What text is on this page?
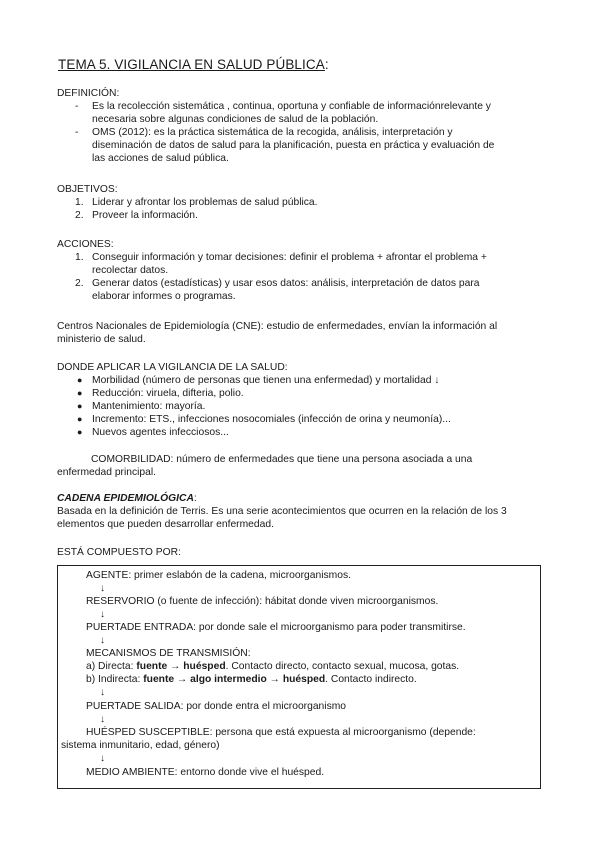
TEMA 5. VIGILANCIA EN SALUD PÚBLICA:
DEFINICIÓN:
- Es la recolección sistemática , continua, oportuna y confiable de informaciónrelevante y
necesaria sobre algunas condiciones de salud de la población.
- OMS (2012): es la práctica sistemática de la recogida, análisis, interpretación y
diseminación de datos de salud para la planificación, puesta en práctica y evaluación de
las acciones de salud pública.
OBJETIVOS:
1. Liderar y afrontar los problemas de salud pública.
2. Proveer la información.
ACCIONES:
1. Conseguir información y tomar decisiones: definir el problema + afrontar el problema +
recolectar datos.
2. Generar datos (estadísticas) y usar esos datos: análisis, interpretación de datos para
elaborar informes o programas.
Centros Nacionales de Epidemiología (CNE): estudio de enfermedades, envían la información al
ministerio de salud.
DONDE APLICAR LA VIGILANCIA DE LA SALUD:
● Morbilidad (número de personas que tienen una enfermedad) y mortalidad ↓
● Reducción: viruela, difteria, polio.
● Mantenimiento: mayoría.
● Incremento: ETS., infecciones nosocomiales (infección de orina y neumonía)...
● Nuevos agentes infecciosos...
COMORBILIDAD: número de enfermedades que tiene una persona asociada a una
enfermedad principal.
CADENA EPIDEMIOLÓGICA:
Basada en la definición de Terris. Es una serie acontecimientos que ocurren en la relación de los 3
elementos que pueden desarrollar enfermedad.
ESTÁ COMPUESTO POR:
AGENTE: primer eslabón de la cadena, microorganismos.
↓
RESERVORIO (o fuente de infección): hábitat donde viven microorganismos.
↓
PUERTADE ENTRADA: por donde sale el microorganismo para poder transmitirse.
↓
MECANISMOS DE TRANSMISIÓN:
a) Directa: fuente → huésped. Contacto directo, contacto sexual, mucosa, gotas.
b) Indirecta: fuente → algo intermedio → huésped. Contacto indirecto.
↓
PUERTADE SALIDA: por donde entra el microorganismo
↓
HUÉSPED SUSCEPTIBLE: persona que está expuesta al microorganismo (depende:
sistema inmunitario, edad, género)
↓
MEDIO AMBIENTE: entorno donde vive el huésped.
